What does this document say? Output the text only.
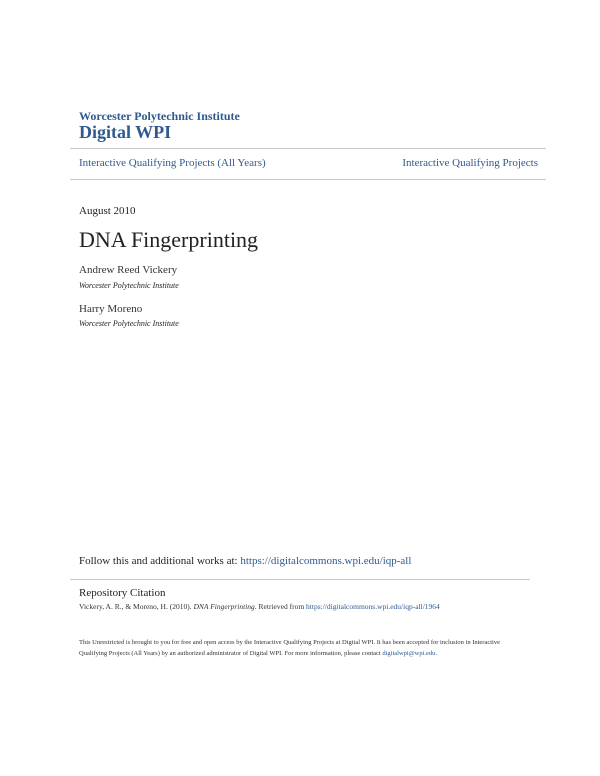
Worcester Polytechnic Institute
Digital WPI
Interactive Qualifying Projects (All Years)	Interactive Qualifying Projects
August 2010
DNA Fingerprinting
Andrew Reed Vickery
Worcester Polytechnic Institute
Harry Moreno
Worcester Polytechnic Institute
Follow this and additional works at: https://digitalcommons.wpi.edu/iqp-all
Repository Citation
Vickery, A. R., & Moreno, H. (2010). DNA Fingerprinting. Retrieved from https://digitalcommons.wpi.edu/iqp-all/1964
This Unrestricted is brought to you for free and open access by the Interactive Qualifying Projects at Digital WPI. It has been accepted for inclusion in Interactive Qualifying Projects (All Years) by an authorized administrator of Digital WPI. For more information, please contact digitalwpi@wpi.edu.
